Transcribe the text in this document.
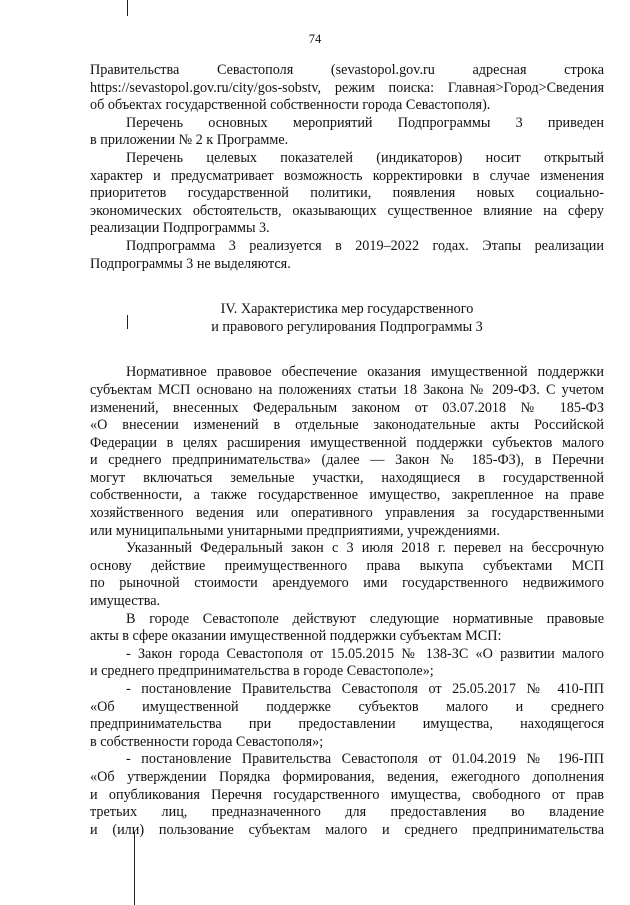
74
Правительства Севастополя (sevastopol.gov.ru адресная строка
https://sevastopol.gov.ru/city/gos-sobstv, режим поиска: Главная>Город>Сведения
об объектах государственной собственности города Севастополя).
Перечень основных мероприятий Подпрограммы 3 приведен
в приложении № 2 к Программе.
Перечень целевых показателей (индикаторов) носит открытый
характер и предусматривает возможность корректировки в случае изменения
приоритетов государственной политики, появления новых социально-
экономических обстоятельств, оказывающих существенное влияние на сферу
реализации Подпрограммы 3.
Подпрограмма 3 реализуется в 2019–2022 годах. Этапы реализации
Подпрограммы 3 не выделяются.
IV. Характеристика мер государственного
и правового регулирования Подпрограммы 3
Нормативное правовое обеспечение оказания имущественной поддержки
субъектам МСП основано на положениях статьи 18 Закона № 209-ФЗ. С учетом
изменений, внесенных Федеральным законом от 03.07.2018 № 185-ФЗ
«О внесении изменений в отдельные законодательные акты Российской
Федерации в целях расширения имущественной поддержки субъектов малого
и среднего предпринимательства» (далее — Закон № 185-ФЗ), в Перечни
могут включаться земельные участки, находящиеся в государственной
собственности, а также государственное имущество, закрепленное на праве
хозяйственного ведения или оперативного управления за государственными
или муниципальными унитарными предприятиями, учреждениями.
Указанный Федеральный закон с 3 июля 2018 г. перевел на бессрочную
основу действие преимущественного права выкупа субъектами МСП
по рыночной стоимости арендуемого ими государственного недвижимого
имущества.
В городе Севастополе действуют следующие нормативные правовые
акты в сфере оказании имущественной поддержки субъектам МСП:
- Закон города Севастополя от 15.05.2015 № 138-ЗС «О развитии малого
и среднего предпринимательства в городе Севастополе»;
- постановление Правительства Севастополя от 25.05.2017 № 410-ПП
«Об имущественной поддержке субъектов малого и среднего
предпринимательства при предоставлении имущества, находящегося
в собственности города Севастополя»;
- постановление Правительства Севастополя от 01.04.2019 № 196-ПП
«Об утверждении Порядка формирования, ведения, ежегодного дополнения
и опубликования Перечня государственного имущества, свободного от прав
третьих лиц, предназначенного для предоставления во владение
и (или) пользование субъектам малого и среднего предпринимательства
